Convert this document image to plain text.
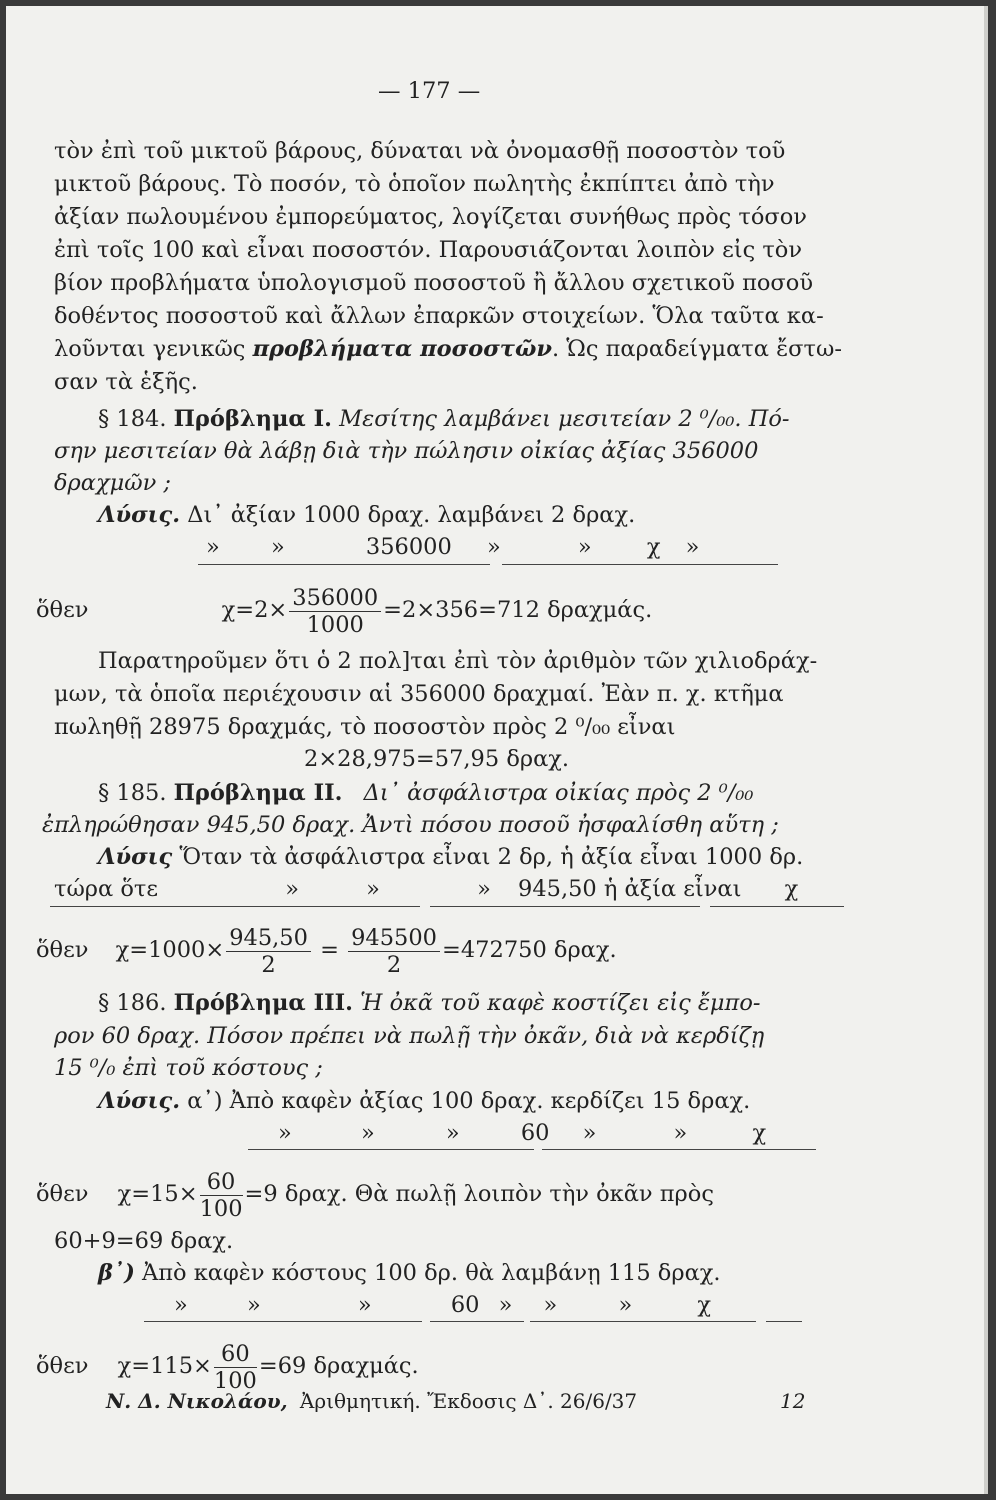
— 177 —
τὸν ἐπὶ τοῦ μικτοῦ βάρους, δύναται νὰ ὀνομασθῇ ποσοστὸν τοῦ
μικτοῦ βάρους. Τὸ ποσόν, τὸ ὁποῖον πωλητὴς ἐκπίπτει ἀπὸ τὴν
ἀξίαν πωλουμένου ἐμπορεύματος, λογίζεται συνήθως πρὸς τόσον
ἐπὶ τοῖς 100 καὶ εἶναι ποσοστόν. Παρουσιάζονται λοιπὸν εἰς τὸν
βίον προβλήματα ὑπολογισμοῦ ποσοστοῦ ἢ ἄλλου σχετικοῦ ποσοῦ
δοθέντος ποσοστοῦ καὶ ἄλλων ἐπαρκῶν στοιχείων. Ὅλα ταῦτα κα-
λοῦνται γενικῶς προβλήματα ποσοστῶν. Ὡς παραδείγματα ἔστω-
σαν τὰ ἑξῆς.
§ 184. Πρόβλημα I. Μεσίτης λαμβάνει μεσιτείαν 2 ⁰/₀₀. Πό-
σην μεσιτείαν θὰ λάβῃ διὰ τὴν πώλησιν οἰκίας ἀξίας 356000
δραχμῶν ;
Λύσις. Δι᾽ ἀξίαν 1000 δραχ. λαμβάνει 2 δραχ.
» »	356000 »	» χ »
ὅθεν	$\chi=2\times \frac{356000}{1000} =2\times 356=712$ δραχμάς.
Παρατηροῦμεν ὅτι ὁ 2 πολ]ται ἐπὶ τὸν ἀριθμὸν τῶν χιλιοδράχ-
μων, τὰ ὁποῖα περιέχουσιν αἱ 356000 δραχμαί. Ἐὰν π. χ. κτῆμα
πωληθῇ 28975 δραχμάς, τὸ ποσοστὸν πρὸς 2 ⁰/₀₀ εἶναι
2×28,975=57,95 δραχ.
§ 185. Πρόβλημα II. Δι᾽ ἀσφάλιστρα οἰκίας πρὸς 2 ⁰/₀₀
ἐπληρώθησαν 945,50 δραχ. Ἀντὶ πόσου ποσοῦ ἠσφαλίσθη αὕτη ;
Λύσις Ὅταν τὰ ἀσφάλιστρα εἶναι 2 δρ, ἡ ἀξία εἶναι 1000 δρ.
τώρα ὅτε	»	»	» 945,50 ἡ ἀξία εἶναι χ
ὅθεν $\chi=1000\times \frac{945,50}{2} = \frac{945500}{2} =472750$ δραχ.
§ 186. Πρόβλημα III. Ἡ ὀκᾶ τοῦ καφὲ κοστίζει εἰς ἔμπο-
ρον 60 δραχ. Πόσον πρέπει νὰ πωλῇ τὴν ὀκᾶν, διὰ νὰ κερδίζῃ
15 ⁰/₀ ἐπὶ τοῦ κόστους ;
Λύσις. α᾽) Ἀπὸ καφὲν ἀξίας 100 δραχ. κερδίζει 15 δραχ.
»	»	»	60 »	»	χ
ὅθεν $\chi=15\times \frac{60}{100} =9$ δραχ. Θὰ πωλῇ λοιπὸν τὴν ὀκᾶν πρὸς
60+9=69 δραχ.
β᾽) Ἀπὸ καφὲν κόστους 100 δρ. θὰ λαμβάνῃ 115 δραχ.
»	»	»	60 » »	»	χ
ὅθεν $\chi=115\times \frac{60}{100} =69$ δραχμάς.
Ν. Δ. Νικολάου, Ἀριθμητική. Ἔκδοσις Δ᾽. 26/6/37	12
